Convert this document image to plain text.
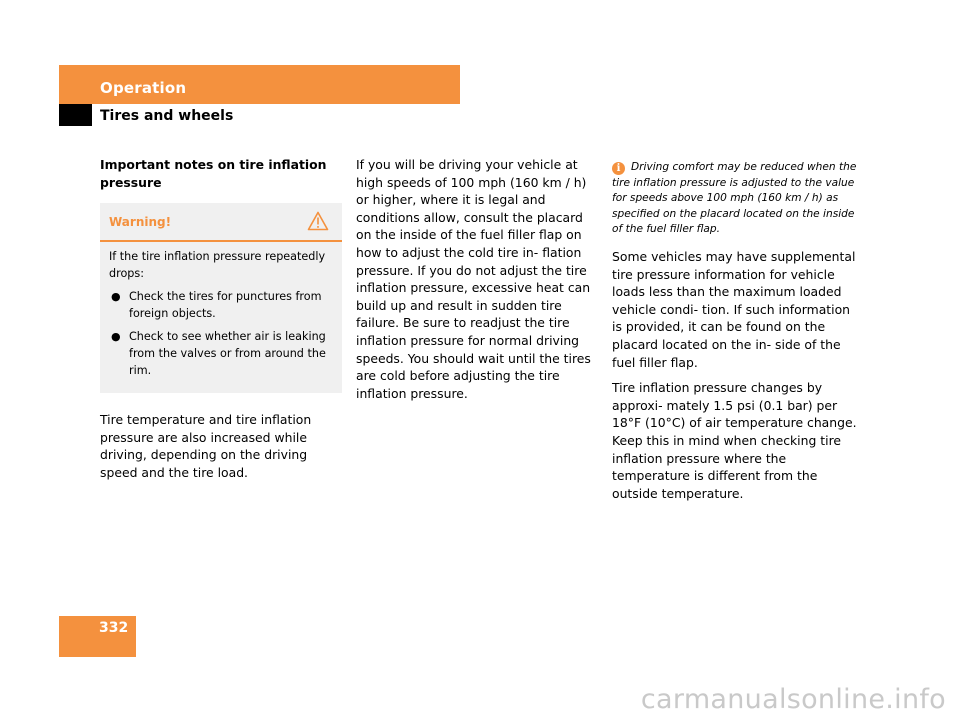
Operation
Tires and wheels

Important notes on tire inflation pressure

Warning!

If the tire inflation pressure repeatedly drops:

● Check the tires for punctures from foreign objects.
● Check to see whether air is leaking from the valves or from around the rim.

Tire temperature and tire inflation pressure are also increased while driving, depending on the driving speed and the tire load.

If you will be driving your vehicle at high speeds of 100 mph (160 km / h) or higher, where it is legal and conditions allow, consult the placard on the inside of the fuel filler flap on how to adjust the cold tire in- flation pressure. If you do not adjust the tire inflation pressure, excessive heat can build up and result in sudden tire failure. Be sure to readjust the tire inflation pressure for normal driving speeds. You should wait until the tires are cold before adjusting the tire inflation pressure.

i Driving comfort may be reduced when the tire inflation pressure is adjusted to the value for speeds above 100 mph (160 km / h) as specified on the placard located on the inside of the fuel filler flap.

Some vehicles may have supplemental tire pressure information for vehicle loads less than the maximum loaded vehicle condi- tion. If such information is provided, it can be found on the placard located on the in- side of the fuel filler flap.

Tire inflation pressure changes by approxi- mately 1.5 psi (0.1 bar) per 18°F (10°C) of air temperature change. Keep this in mind when checking tire inflation pressure where the temperature is different from the outside temperature.

332
carmanualsonline.info
